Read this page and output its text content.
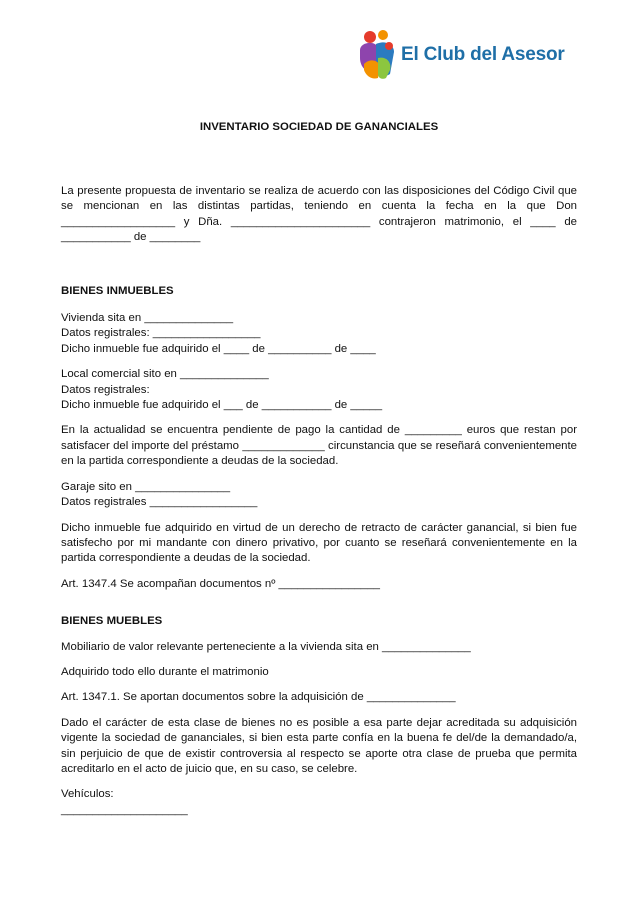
El Club del Asesor
INVENTARIO SOCIEDAD DE GANANCIALES

La presente propuesta de inventario se realiza de acuerdo con las disposiciones del Código Civil que se mencionan en las distintas partidas, teniendo en cuenta la fecha en la que Don __________________ y Dña. ______________________ contrajeron matrimonio, el ____ de ___________ de ________

BIENES INMUEBLES

Vivienda sita en ______________

Datos registrales: _________________

Dicho inmueble fue adquirido el ____ de __________ de ____

Local comercial sito en ______________

Datos registrales:

Dicho inmueble fue adquirido el ___ de ___________ de _____

En la actualidad se encuentra pendiente de pago la cantidad de _________ euros que restan por satisfacer del importe del préstamo _____________ circunstancia que se reseñará convenientemente en la partida correspondiente a deudas de la sociedad.

Garaje sito en _______________

Datos registrales _________________

Dicho inmueble fue adquirido en virtud de un derecho de retracto de carácter ganancial, si bien fue satisfecho por mi mandante con dinero privativo, por cuanto se reseñará convenientemente en la partida correspondiente a deudas de la sociedad.

Art. 1347.4 Se acompañan documentos nº ________________

BIENES MUEBLES

Mobiliario de valor relevante perteneciente a la vivienda sita en ______________

Adquirido todo ello durante el matrimonio

Art. 1347.1. Se aportan documentos sobre la adquisición de ______________

Dado el carácter de esta clase de bienes no es posible a esa parte dejar acreditada su adquisición vigente la sociedad de gananciales, si bien esta parte confía en la buena fe del/de la demandado/a, sin perjuicio de que de existir controversia al respecto se aporte otra clase de prueba que permita acreditarlo en el acto de juicio que, en su caso, se celebre.

Vehículos:

____________________
